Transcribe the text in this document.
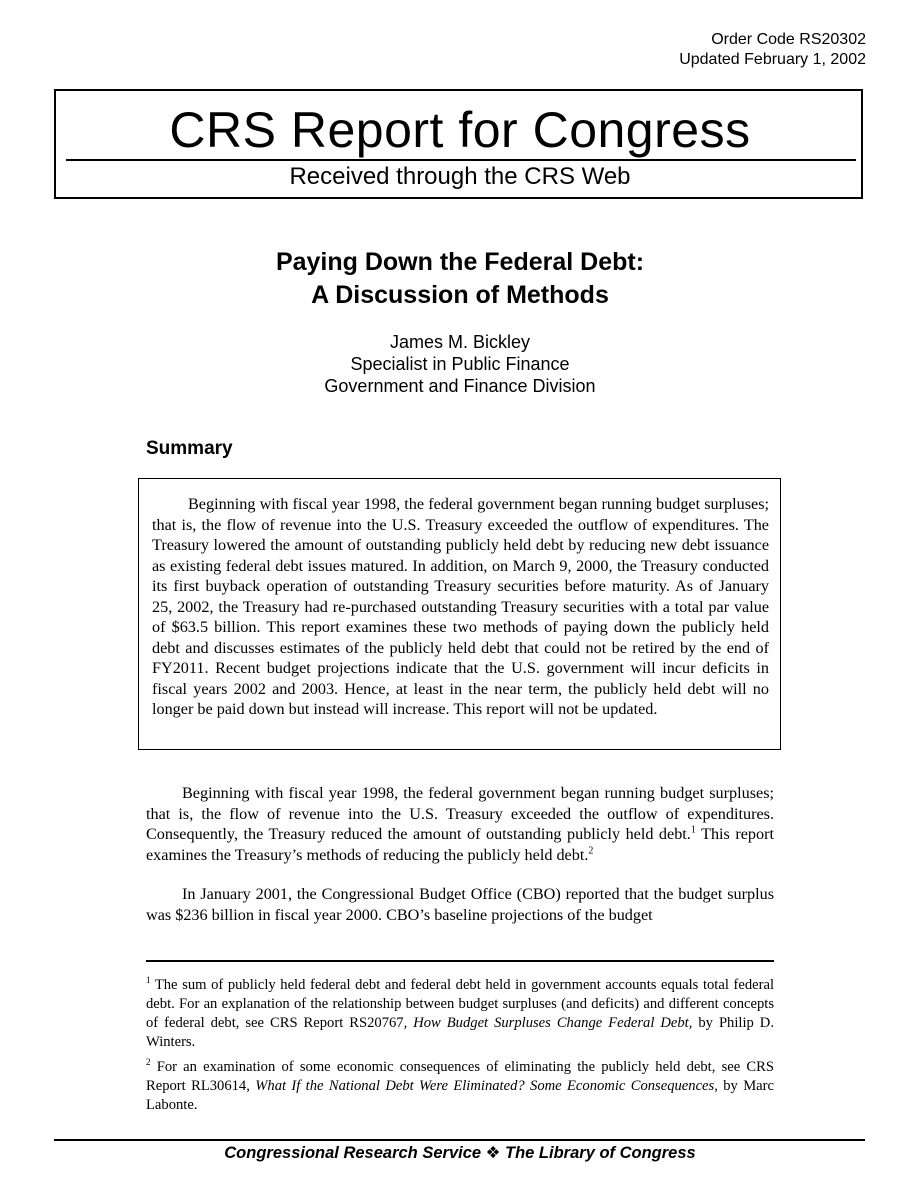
Order Code RS20302
Updated February 1, 2002
CRS Report for Congress
Received through the CRS Web
Paying Down the Federal Debt:
A Discussion of Methods
James M. Bickley
Specialist in Public Finance
Government and Finance Division
Summary

Beginning with fiscal year 1998, the federal government began running budget surpluses; that is, the flow of revenue into the U.S. Treasury exceeded the outflow of expenditures. The Treasury lowered the amount of outstanding publicly held debt by reducing new debt issuance as existing federal debt issues matured. In addition, on March 9, 2000, the Treasury conducted its first buyback operation of outstanding Treasury securities before maturity. As of January 25, 2002, the Treasury had re-purchased outstanding Treasury securities with a total par value of $63.5 billion. This report examines these two methods of paying down the publicly held debt and discusses estimates of the publicly held debt that could not be retired by the end of FY2011. Recent budget projections indicate that the U.S. government will incur deficits in fiscal years 2002 and 2003. Hence, at least in the near term, the publicly held debt will no longer be paid down but instead will increase. This report will not be updated.

Beginning with fiscal year 1998, the federal government began running budget surpluses; that is, the flow of revenue into the U.S. Treasury exceeded the outflow of expenditures. Consequently, the Treasury reduced the amount of outstanding publicly held debt.$^1$ This report examines the Treasury’s methods of reducing the publicly held debt.$^2$

In January 2001, the Congressional Budget Office (CBO) reported that the budget surplus was $236 billion in fiscal year 2000. CBO’s baseline projections of the budget

$^1$ The sum of publicly held federal debt and federal debt held in government accounts equals total federal debt. For an explanation of the relationship between budget surpluses (and deficits) and different concepts of federal debt, see CRS Report RS20767, How Budget Surpluses Change Federal Debt, by Philip D. Winters.

$^2$ For an examination of some economic consequences of eliminating the publicly held debt, see CRS Report RL30614, What If the National Debt Were Eliminated? Some Economic Consequences, by Marc Labonte.

Congressional Research Service ❖ The Library of Congress
